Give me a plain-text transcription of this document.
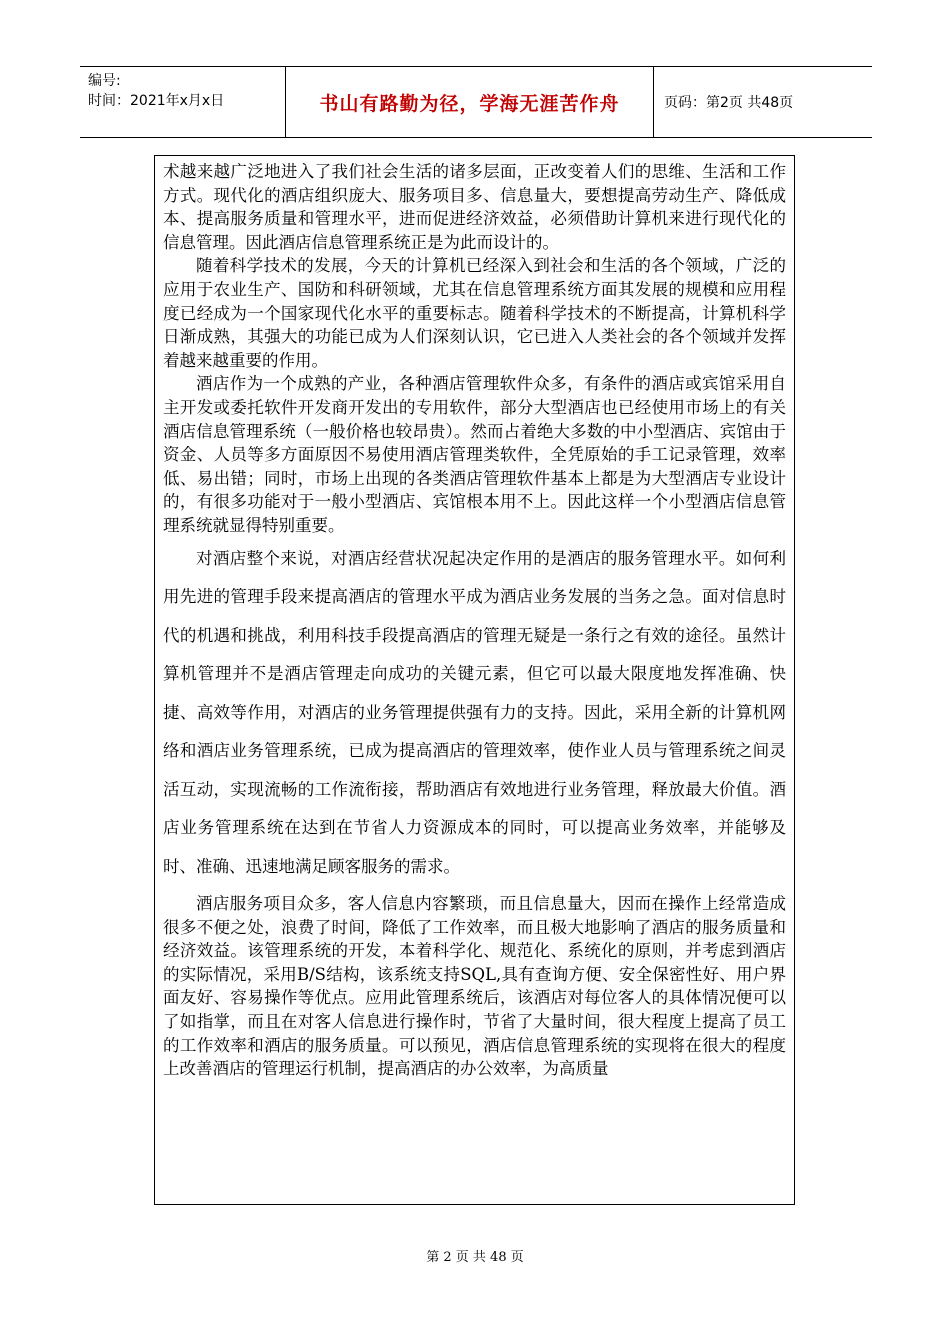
编号:
时间：2021年x月x日	书山有路勤为径，学海无涯苦作舟	页码：第2页 共48页

术越来越广泛地进入了我们社会生活的诸多层面，正改变着人们的思维、生活和工作方式。现代化的酒店组织庞大、服务项目多、信息量大，要想提高劳动生产、降低成本、提高服务质量和管理水平，进而促进经济效益，必须借助计算机来进行现代化的信息管理。因此酒店信息管理系统正是为此而设计的。

随着科学技术的发展，今天的计算机已经深入到社会和生活的各个领域，广泛的应用于农业生产、国防和科研领域，尤其在信息管理系统方面其发展的规模和应用程度已经成为一个国家现代化水平的重要标志。随着科学技术的不断提高，计算机科学日渐成熟，其强大的功能已成为人们深刻认识，它已进入人类社会的各个领域并发挥着越来越重要的作用。

酒店作为一个成熟的产业，各种酒店管理软件众多，有条件的酒店或宾馆采用自主开发或委托软件开发商开发出的专用软件，部分大型酒店也已经使用市场上的有关酒店信息管理系统（一般价格也较昂贵）。然而占着绝大多数的中小型酒店、宾馆由于资金、人员等多方面原因不易使用酒店管理类软件，全凭原始的手工记录管理，效率低、易出错；同时，市场上出现的各类酒店管理软件基本上都是为大型酒店专业设计的，有很多功能对于一般小型酒店、宾馆根本用不上。因此这样一个小型酒店信息管理系统就显得特别重要。

对酒店整个来说，对酒店经营状况起决定作用的是酒店的服务管理水平。如何利用先进的管理手段来提高酒店的管理水平成为酒店业务发展的当务之急。面对信息时代的机遇和挑战，利用科技手段提高酒店的管理无疑是一条行之有效的途径。虽然计算机管理并不是酒店管理走向成功的关键元素，但它可以最大限度地发挥准确、快捷、高效等作用，对酒店的业务管理提供强有力的支持。因此，采用全新的计算机网络和酒店业务管理系统，已成为提高酒店的管理效率，使作业人员与管理系统之间灵活互动，实现流畅的工作流衔接，帮助酒店有效地进行业务管理，释放最大价值。酒店业务管理系统在达到在节省人力资源成本的同时，可以提高业务效率，并能够及时、准确、迅速地满足顾客服务的需求。

酒店服务项目众多，客人信息内容繁琐，而且信息量大，因而在操作上经常造成很多不便之处，浪费了时间，降低了工作效率，而且极大地影响了酒店的服务质量和经济效益。该管理系统的开发，本着科学化、规范化、系统化的原则，并考虑到酒店的实际情况，采用B/S结构，该系统支持SQL,具有查询方便、安全保密性好、用户界面友好、容易操作等优点。应用此管理系统后，该酒店对每位客人的具体情况便可以了如指掌，而且在对客人信息进行操作时，节省了大量时间，很大程度上提高了员工的工作效率和酒店的服务质量。可以预见，酒店信息管理系统的实现将在很大的程度上改善酒店的管理运行机制，提高酒店的办公效率，为高质量

第 2 页 共 48 页
